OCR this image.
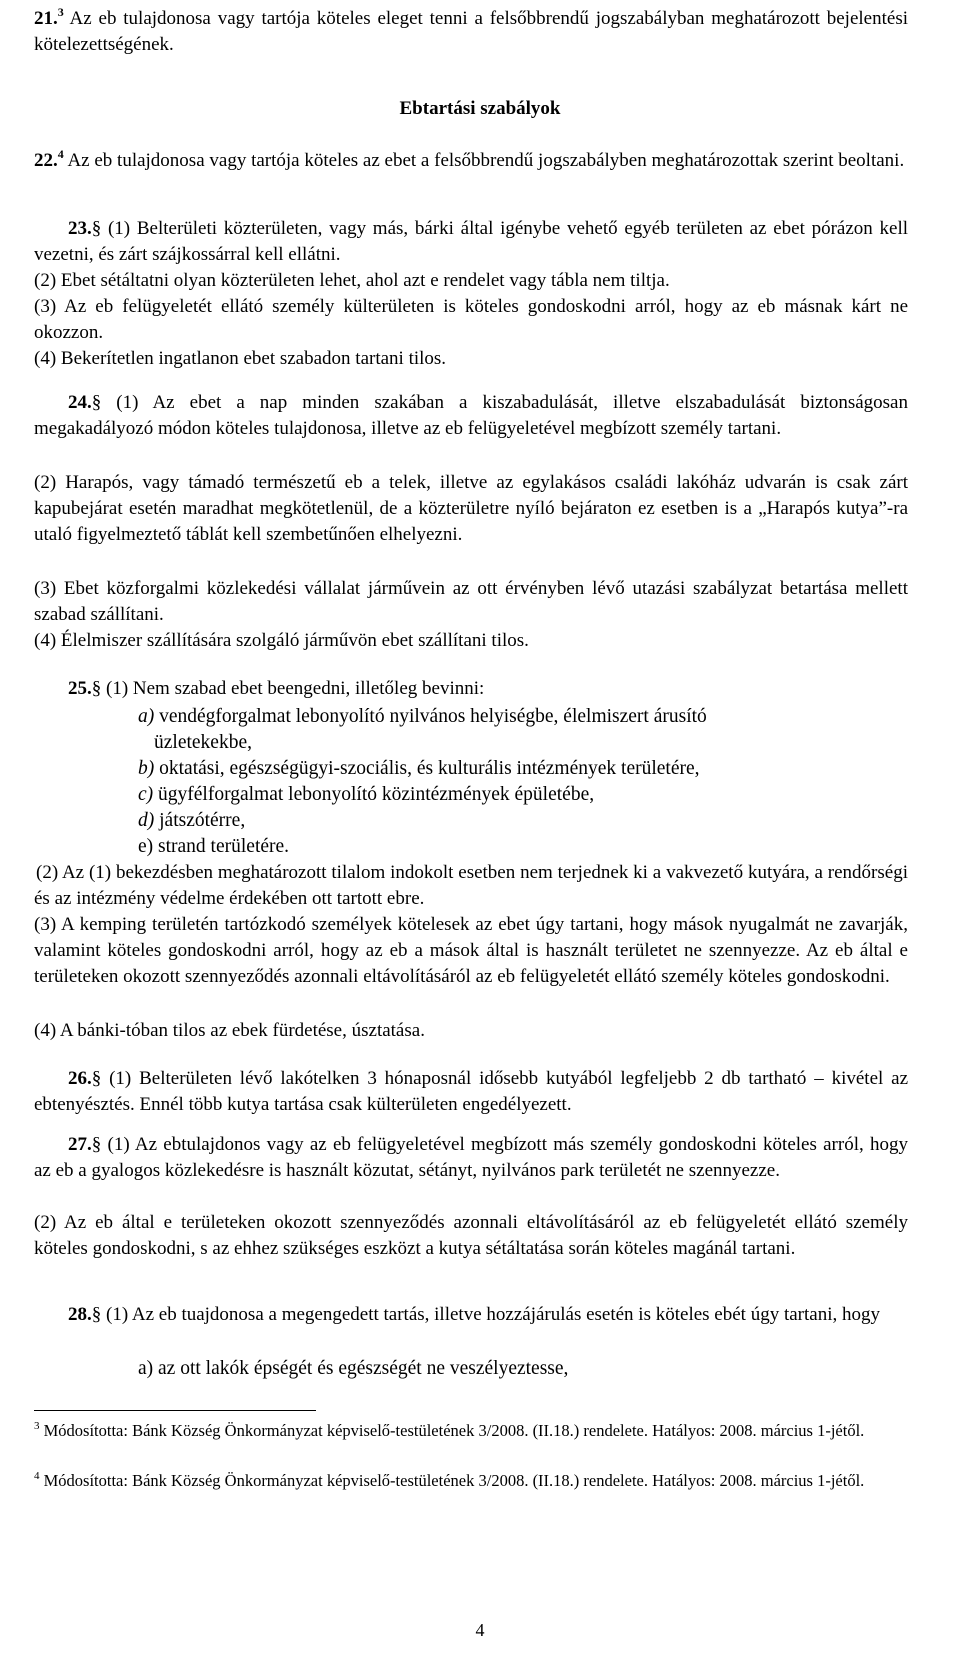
21.$^3$ Az eb tulajdonosa vagy tartója köteles eleget tenni a felsőbbrendű jogszabályban meghatározott bejelentési kötelezettségének.

Ebtartási szabályok

22.$^4$ Az eb tulajdonosa vagy tartója köteles az ebet a felsőbbrendű jogszabályben meghatározottak szerint beoltani.

23.§ (1) Belterületi közterületen, vagy más, bárki által igénybe vehető egyéb területen az ebet pórázon kell vezetni, és zárt szájkossárral kell ellátni.

(2) Ebet sétáltatni olyan közterületen lehet, ahol azt e rendelet vagy tábla nem tiltja.

(3) Az eb felügyeletét ellátó személy külterületen is köteles gondoskodni arról, hogy az eb másnak kárt ne okozzon.

(4) Bekerítetlen ingatlanon ebet szabadon tartani tilos.

24.§ (1) Az ebet a nap minden szakában a kiszabadulását, illetve elszabadulását biztonságosan megakadályozó módon köteles tulajdonosa, illetve az eb felügyeletével megbízott személy tartani.

(2) Harapós, vagy támadó természetű eb a telek, illetve az egylakásos családi lakóház udvarán is csak zárt kapubejárat esetén maradhat megkötetlenül, de a közterületre nyíló bejáraton ez esetben is a „Harapós kutya”-ra utaló figyelmeztető táblát kell szembetűnően elhelyezni.

(3) Ebet közforgalmi közlekedési vállalat járművein az ott érvényben lévő utazási szabályzat betartása mellett szabad szállítani.

(4) Élelmiszer szállítására szolgáló járművön ebet szállítani tilos.

25.§ (1) Nem szabad ebet beengedni, illetőleg bevinni:

a) vendégforgalmat lebonyolító nyilvános helyiségbe, élelmiszert árusító

üzletekekbe,

b) oktatási, egészségügyi-szociális, és kulturális intézmények területére,

c) ügyfélforgalmat lebonyolító közintézmények épületébe,

d) játszótérre,

e) strand területére.

(2) Az (1) bekezdésben meghatározott tilalom indokolt esetben nem terjednek ki a vakvezető kutyára, a rendőrségi és az intézmény védelme érdekében ott tartott ebre.

(3) A kemping területén tartózkodó személyek kötelesek az ebet úgy tartani, hogy mások nyugalmát ne zavarják, valamint köteles gondoskodni arról, hogy az eb a mások által is használt területet ne szennyezze. Az eb által e területeken okozott szennyeződés azonnali eltávolításáról az eb felügyeletét ellátó személy köteles gondoskodni.

(4) A bánki-tóban tilos az ebek fürdetése, úsztatása.

26.§ (1) Belterületen lévő lakótelken 3 hónaposnál idősebb kutyából legfeljebb 2 db tartható – kivétel az ebtenyésztés. Ennél több kutya tartása csak külterületen engedélyezett.

27.§ (1) Az ebtulajdonos vagy az eb felügyeletével megbízott más személy gondoskodni köteles arról, hogy az eb a gyalogos közlekedésre is használt közutat, sétányt, nyilvános park területét ne szennyezze.

(2) Az eb által e területeken okozott szennyeződés azonnali eltávolításáról az eb felügyeletét ellátó személy köteles gondoskodni, s az ehhez szükséges eszközt a kutya sétáltatása során köteles magánál tartani.

28.§ (1) Az eb tuajdonosa a megengedett tartás, illetve hozzájárulás esetén is köteles ebét úgy tartani, hogy

a) az ott lakók épségét és egészségét ne veszélyeztesse,

$^3$ Módosította: Bánk Község Önkormányzat képviselő-testületének 3/2008. (II.18.) rendelete. Hatályos: 2008. március 1-jétől.

$^4$ Módosította: Bánk Község Önkormányzat képviselő-testületének 3/2008. (II.18.) rendelete. Hatályos: 2008. március 1-jétől.

4
